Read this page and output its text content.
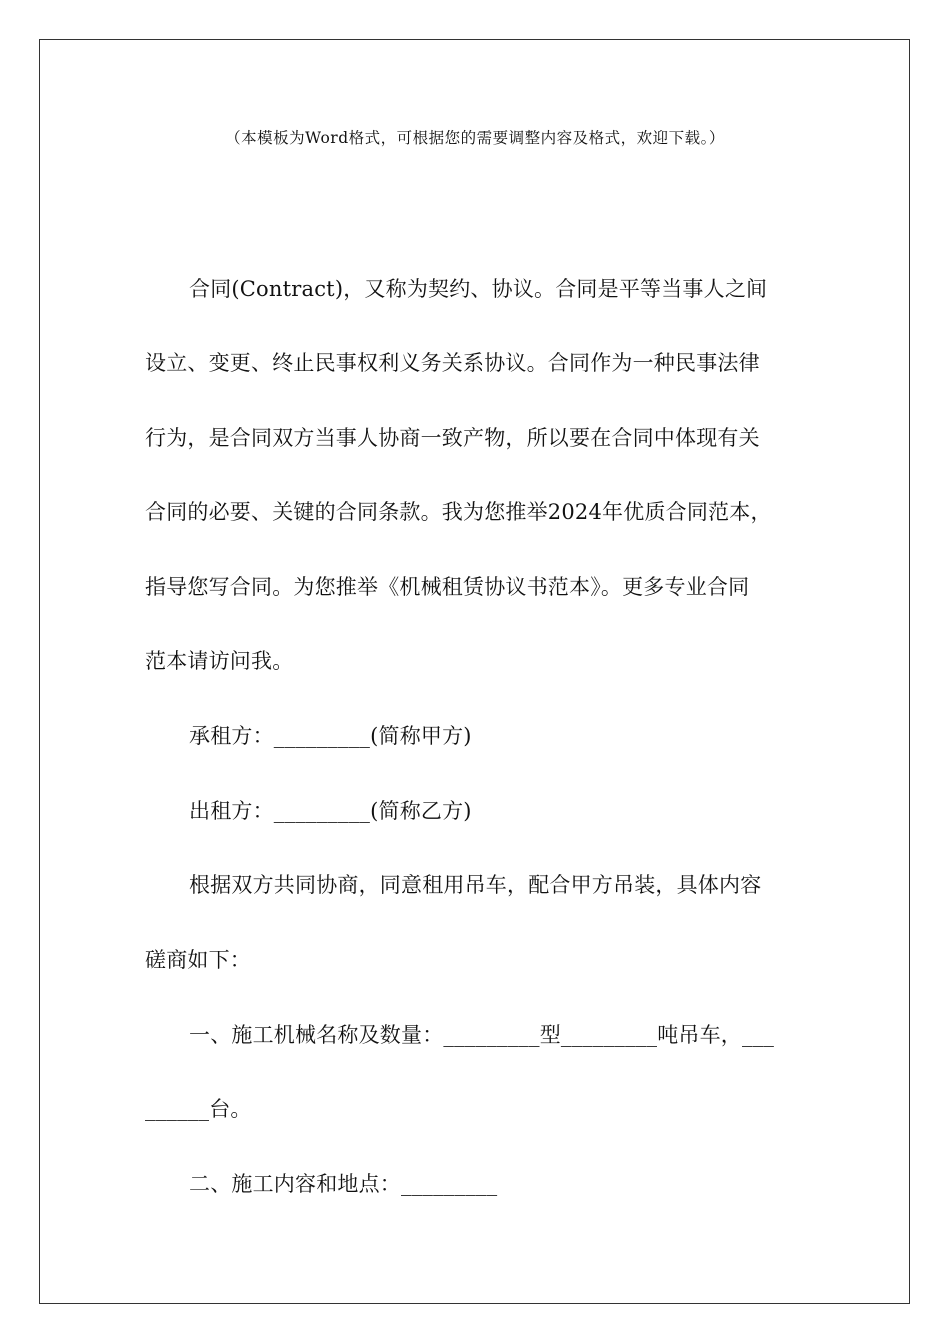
（本模板为Word格式，可根据您的需要调整内容及格式，欢迎下载。）
合同(Contract)，又称为契约、协议。合同是平等当事人之间
设立、变更、终止民事权利义务关系协议。合同作为一种民事法律
行为，是合同双方当事人协商一致产物，所以要在合同中体现有关
合同的必要、关键的合同条款。我为您推举2024年优质合同范本，
指导您写合同。为您推举《机械租赁协议书范本》。更多专业合同
范本请访问我。
承租方：_________(简称甲方)
出租方：_________(简称乙方)
根据双方共同协商，同意租用吊车，配合甲方吊装，具体内容
磋商如下：
一、施工机械名称及数量：_________型_________吨吊车，___
______台。
二、施工内容和地点：_________
